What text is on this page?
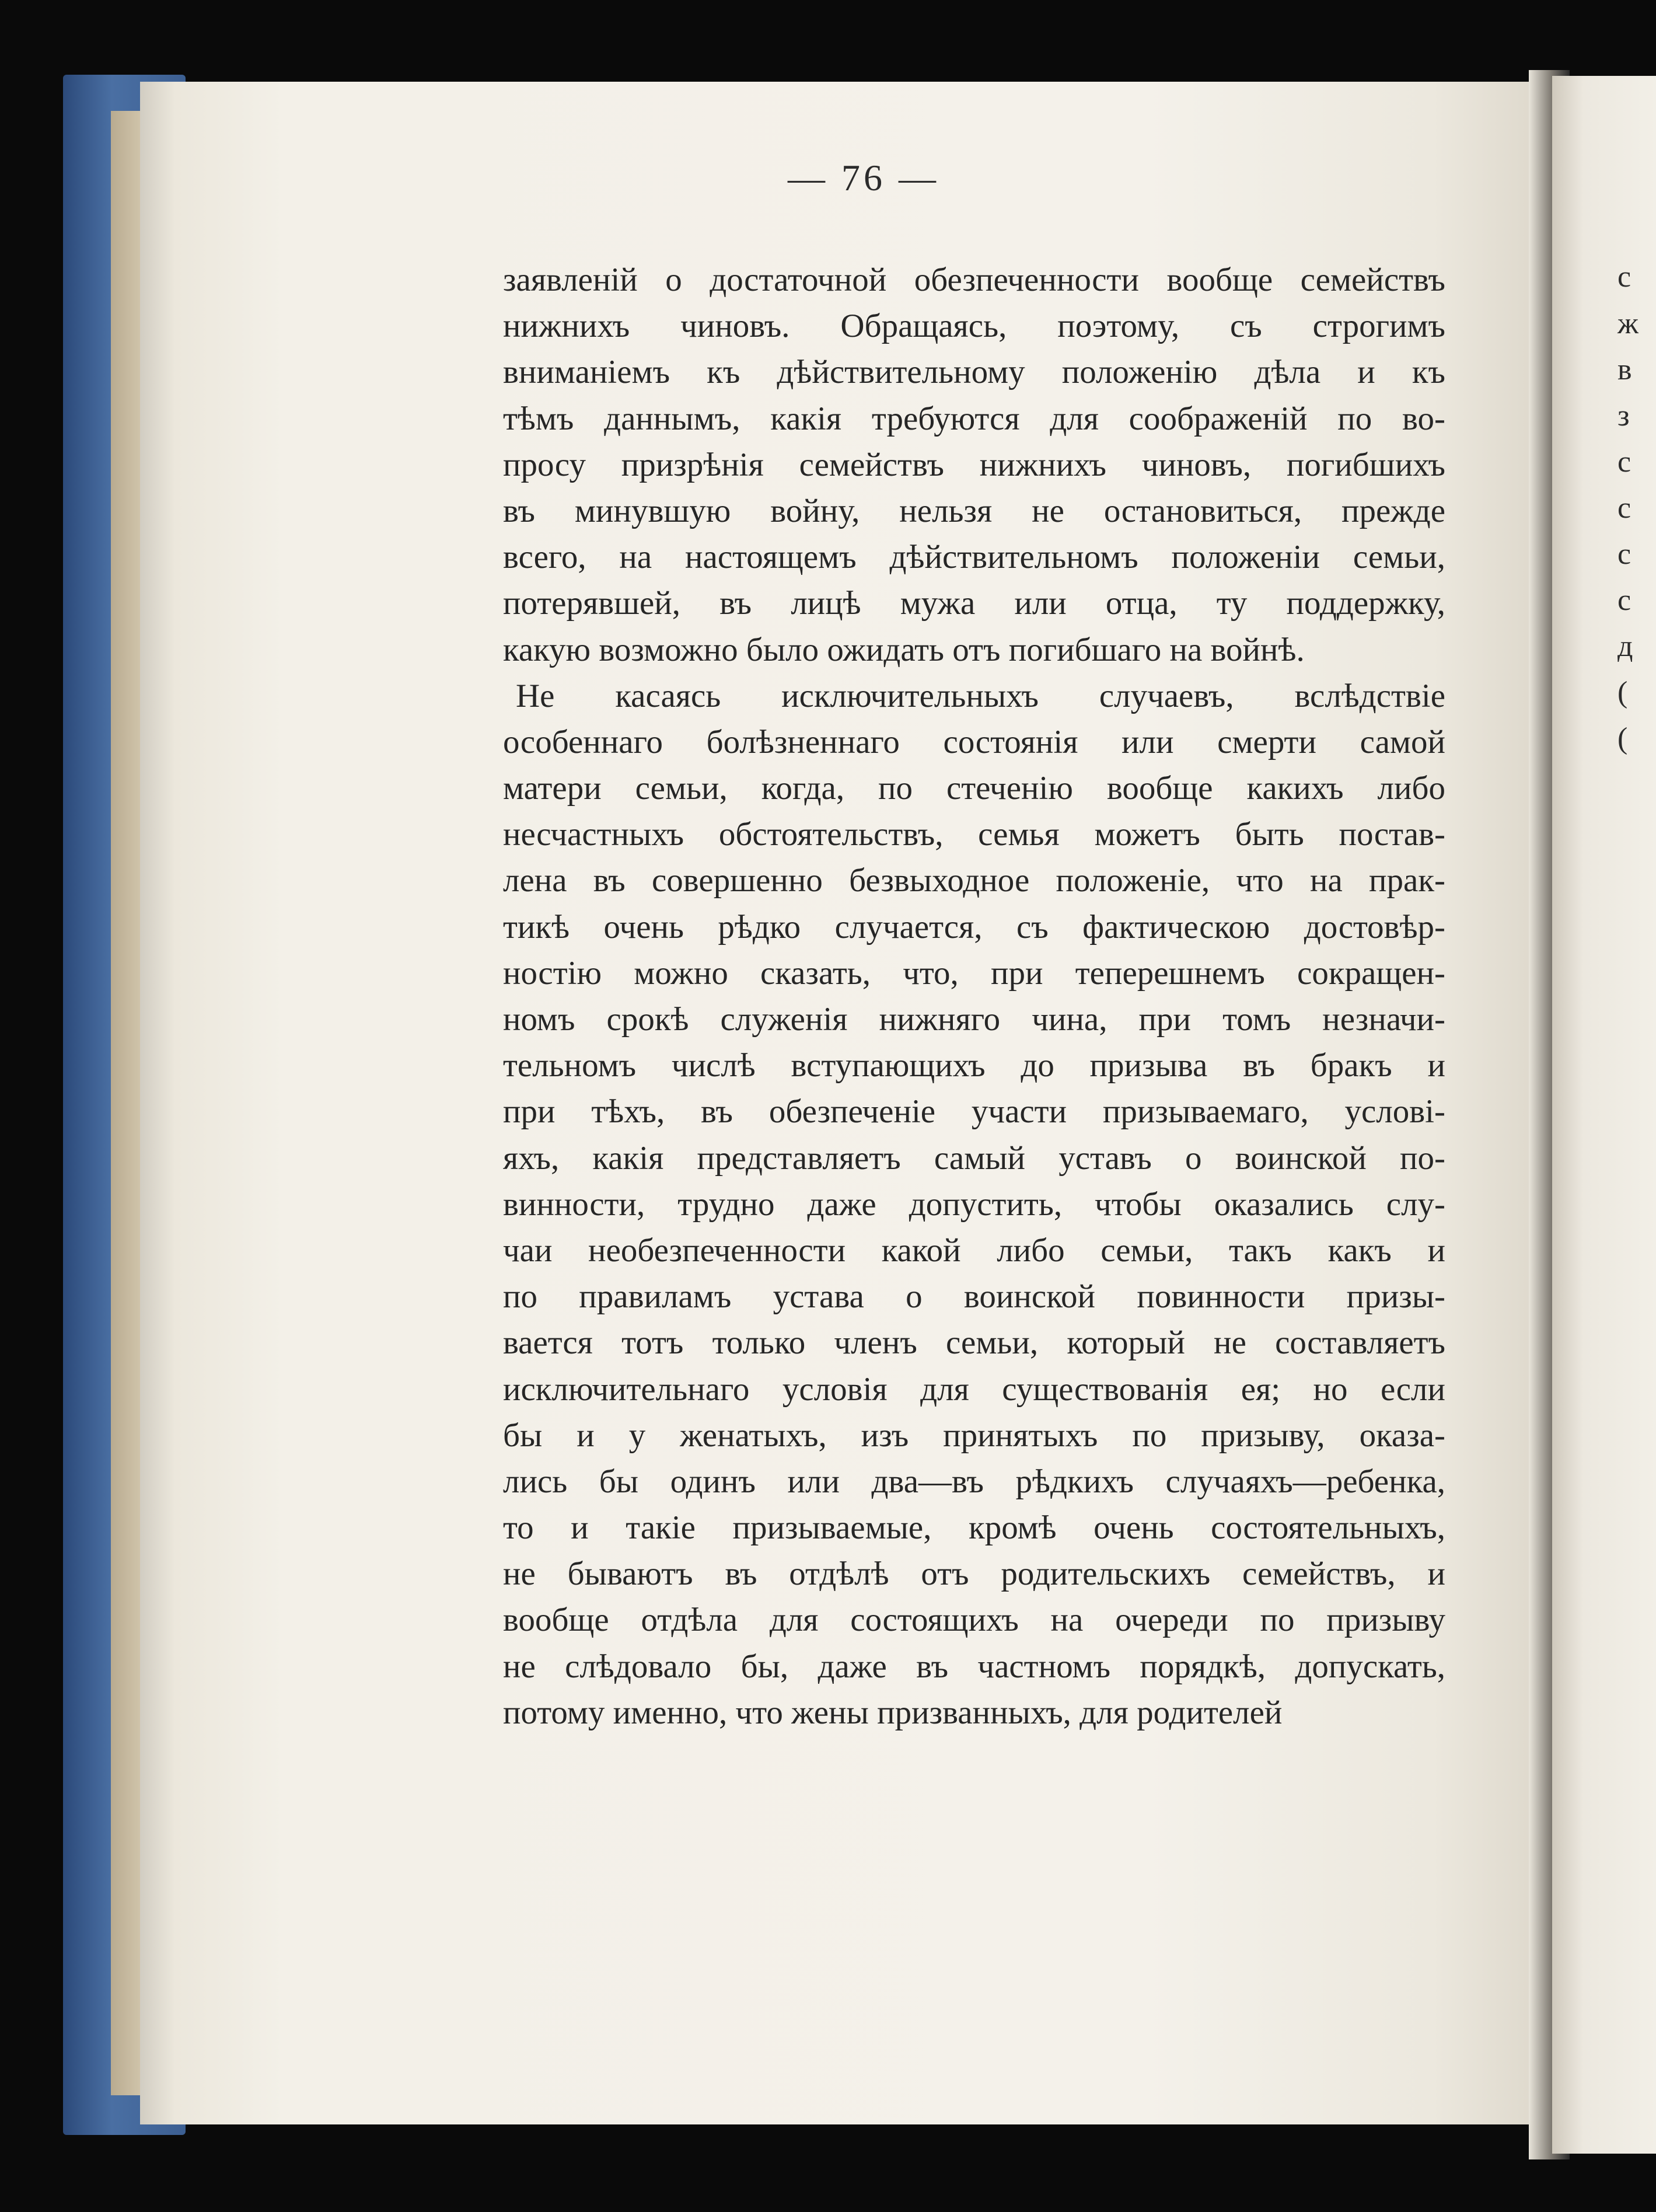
— 76 —
заявленій о достаточной обезпеченности вообще семействъ
нижнихъ чиновъ. Обращаясь, поэтому, съ строгимъ
вниманіемъ къ дѣйствительному положенію дѣла и къ
тѣмъ даннымъ, какія требуются для соображеній по во-
просу призрѣнія семействъ нижнихъ чиновъ, погибшихъ
въ минувшую войну, нельзя не остановиться, прежде
всего, на настоящемъ дѣйствительномъ положеніи семьи,
потерявшей, въ лицѣ мужа или отца, ту поддержку,
какую возможно было ожидать отъ погибшаго на войнѣ.
Не касаясь исключительныхъ случаевъ, вслѣдствіе
особеннаго болѣзненнаго состоянія или смерти самой
матери семьи, когда, по стеченію вообще какихъ либо
несчастныхъ обстоятельствъ, семья можетъ быть постав-
лена въ совершенно безвыходное положеніе, что на прак-
тикѣ очень рѣдко случается, съ фактическою достовѣр-
ностію можно сказать, что, при теперешнемъ сокращен-
номъ срокѣ служенія нижняго чина, при томъ незначи-
тельномъ числѣ вступающихъ до призыва въ бракъ и
при тѣхъ, въ обезпеченіе участи призываемаго, услові-
яхъ, какія представляетъ самый уставъ о воинской по-
винности, трудно даже допустить, чтобы оказались слу-
чаи необезпеченности какой либо семьи, такъ какъ и
по правиламъ устава о воинской повинности призы-
вается тотъ только членъ семьи, который не составляетъ
исключительнаго условія для существованія ея; но если
бы и у женатыхъ, изъ принятыхъ по призыву, оказа-
лись бы одинъ или два—въ рѣдкихъ случаяхъ—ребенка,
то и такіе призываемые, кромѣ очень состоятельныхъ,
не бываютъ въ отдѣлѣ отъ родительскихъ семействъ, и
вообще отдѣла для состоящихъ на очереди по призыву
не слѣдовало бы, даже въ частномъ порядкѣ, допускать,
потому именно, что жены призванныхъ, для родителей
с
ж
в
з
с
с
с
с
д
(
(
